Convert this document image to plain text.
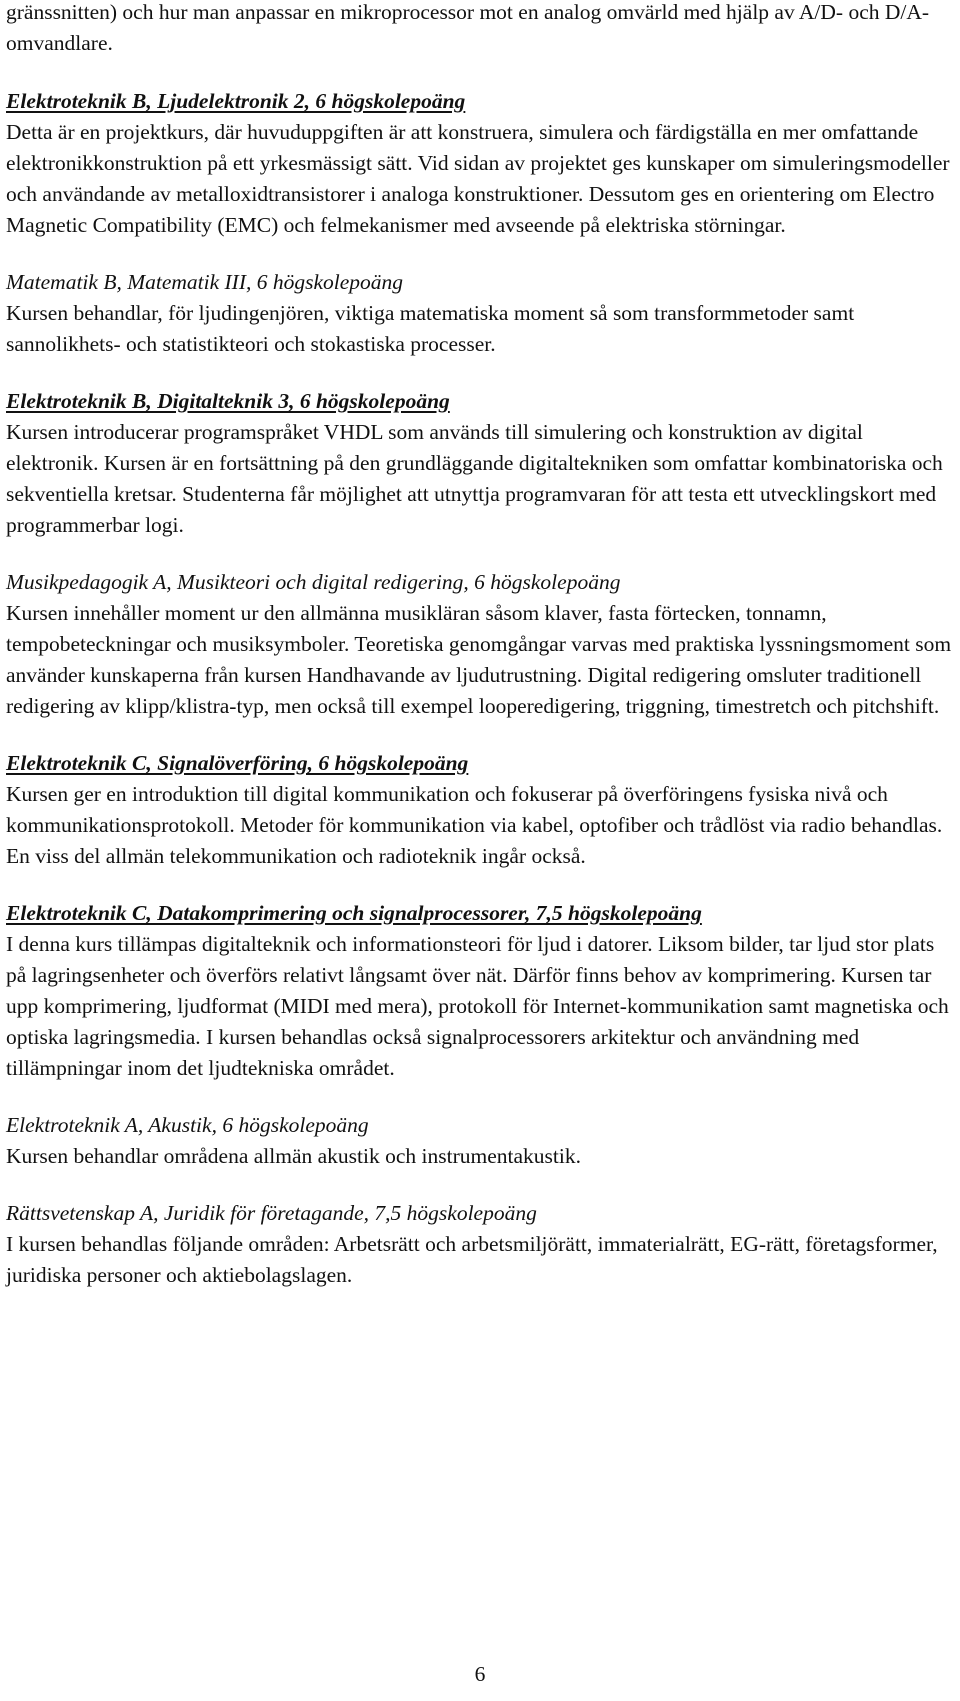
gränssnitten) och hur man anpassar en mikroprocessor mot en analog omvärld med hjälp av A/D- och D/A-omvandlare.

Elektroteknik B, Ljudelektronik 2, 6 högskolepoäng
Detta är en projektkurs, där huvuduppgiften är att konstruera, simulera och färdigställa en mer omfattande elektronikkonstruktion på ett yrkesmässigt sätt. Vid sidan av projektet ges kunskaper om simuleringsmodeller och användande av metalloxidtransistorer i analoga konstruktioner. Dessutom ges en orientering om Electro Magnetic Compatibility (EMC) och felmekanismer med avseende på elektriska störningar.
Matematik B, Matematik III, 6 högskolepoäng
Kursen behandlar, för ljudingenjören, viktiga matematiska moment så som transformmetoder samt sannolikhets- och statistikteori och stokastiska processer.
Elektroteknik B, Digitalteknik 3, 6 högskolepoäng
Kursen introducerar programspråket VHDL som används till simulering och konstruktion av digital elektronik. Kursen är en fortsättning på den grundläggande digitaltekniken som omfattar kombinatoriska och sekventiella kretsar. Studenterna får möjlighet att utnyttja programvaran för att testa ett utvecklingskort med programmerbar logi.
Musikpedagogik A, Musikteori och digital redigering, 6 högskolepoäng
Kursen innehåller moment ur den allmänna musikläran såsom klaver, fasta förtecken, tonnamn, tempobeteckningar och musiksymboler. Teoretiska genomgångar varvas med praktiska lyssningsmoment som använder kunskaperna från kursen Handhavande av ljudutrustning. Digital redigering omsluter traditionell redigering av klipp/klistra-typ, men också till exempel looperedigering, triggning, timestretch och pitchshift.
Elektroteknik C, Signalöverföring, 6 högskolepoäng
Kursen ger en introduktion till digital kommunikation och fokuserar på överföringens fysiska nivå och kommunikationsprotokoll. Metoder för kommunikation via kabel, optofiber och trådlöst via radio behandlas. En viss del allmän telekommunikation och radioteknik ingår också.
Elektroteknik C, Datakomprimering och signalprocessorer, 7,5 högskolepoäng
I denna kurs tillämpas digitalteknik och informationsteori för ljud i datorer. Liksom bilder, tar ljud stor plats på lagringsenheter och överförs relativt långsamt över nät. Därför finns behov av komprimering. Kursen tar upp komprimering, ljudformat (MIDI med mera), protokoll för Internet-kommunikation samt magnetiska och optiska lagringsmedia. I kursen behandlas också signalprocessorers arkitektur och användning med tillämpningar inom det ljudtekniska området.
Elektroteknik A, Akustik, 6 högskolepoäng
Kursen behandlar områdena allmän akustik och instrumentakustik.
Rättsvetenskap A, Juridik för företagande, 7,5 högskolepoäng
I kursen behandlas följande områden: Arbetsrätt och arbetsmiljörätt, immaterialrätt, EG-rätt, företagsformer, juridiska personer och aktiebolagslagen.
6
